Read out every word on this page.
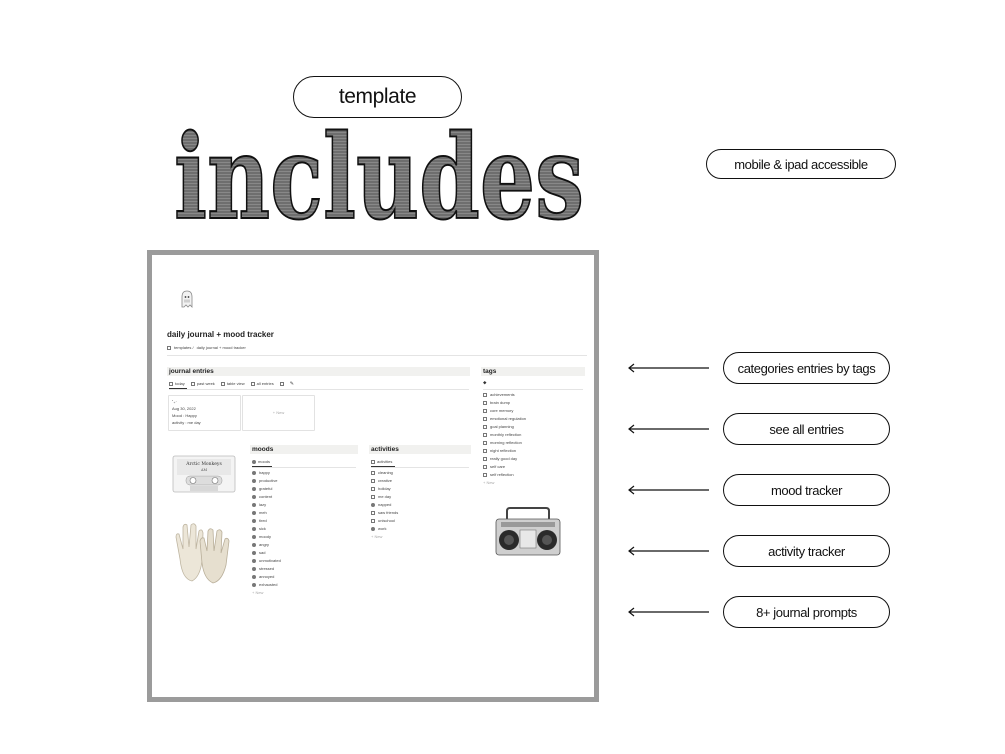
template
mobile & ipad accessible
includes
categories entries by tags
see all entries
mood tracker
activity tracker
8+ journal prompts
daily journal + mood tracker
templates / daily journal + mood tracker
journal entries
today	past week	table view	all entries	✎
˚₊‧
Aug 30, 2022
Mood : Happy
activity : me day
+ New
tags
⬥
achievements
brain dump
core memory
emotional regulation
goal planning
monthly reflection
morning reflection
night reflection
really good day
self care
self reflection
+ New
Arctic Monkeys
AM
moods
moods
happy
productive
grateful
content
lazy
meh
tired
sick
moody
angry
sad
unmotivated
stressed
annoyed
exhausted
+ New
activities
activities
cleaning
creative
holiday
me day
napped
saw friends
unischool
work
+ New
